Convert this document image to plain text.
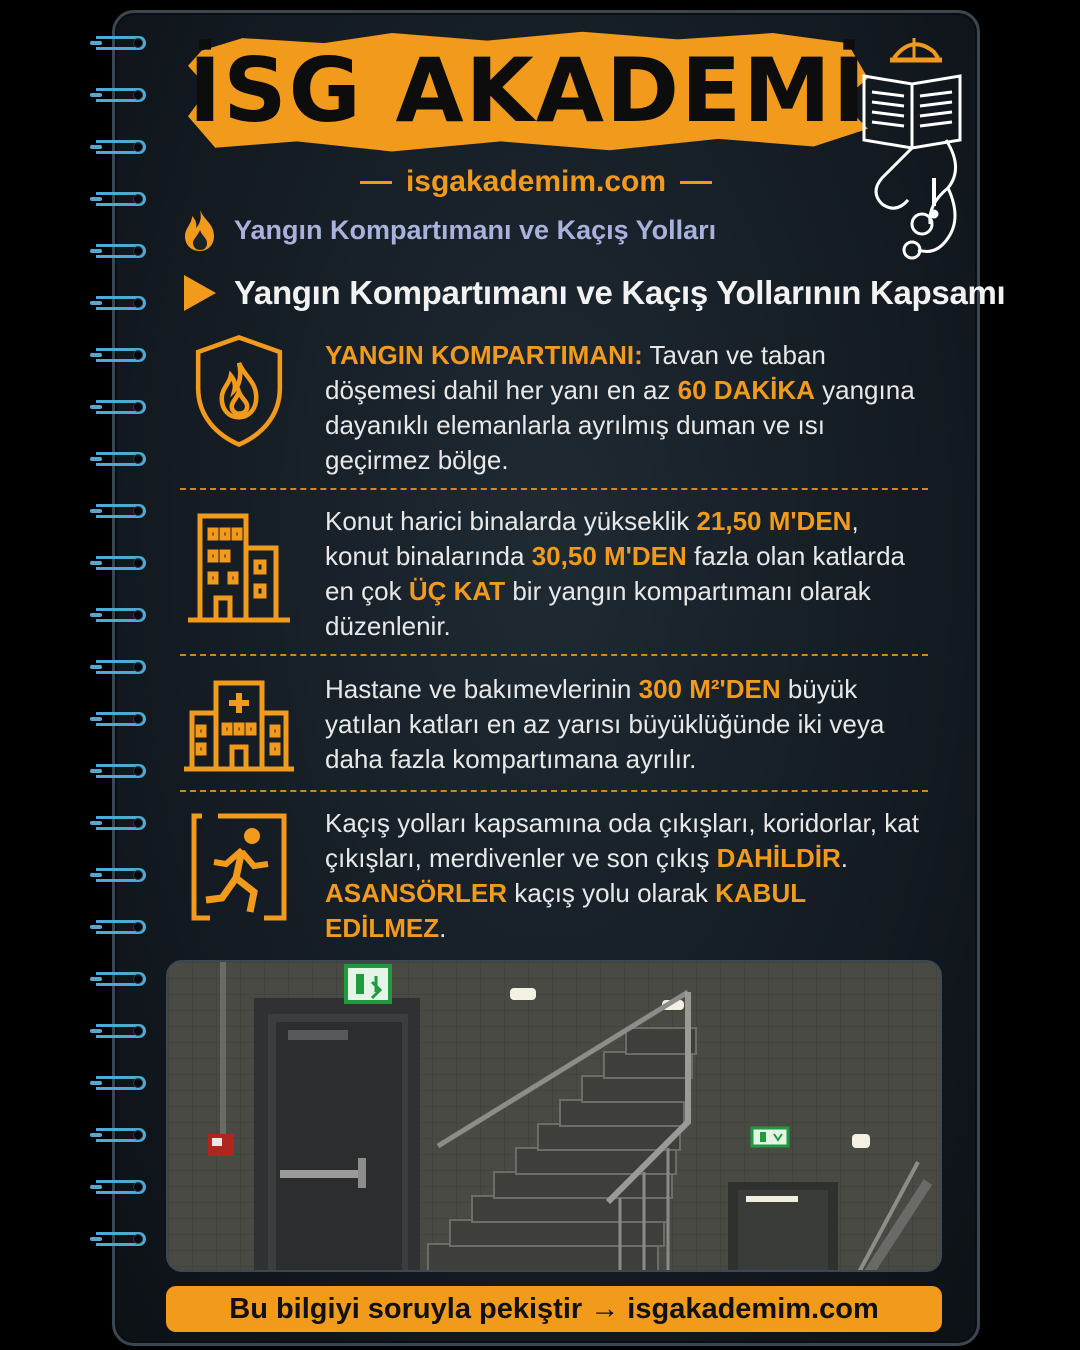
İSG AKADEMİ
isgakademim.com
Yangın Kompartımanı ve Kaçış Yolları
Yangın Kompartımanı ve Kaçış Yollarının Kapsamı

YANGIN KOMPARTIMANI: Tavan ve taban döşemesi dahil her yanı en az 60 DAKİKA yangına dayanıklı elemanlarla ayrılmış duman ve ısı geçirmez bölge.

Konut harici binalarda yükseklik 21,50 M'DEN, konut binalarında 30,50 M'DEN fazla olan katlarda en çok ÜÇ KAT bir yangın kompartımanı olarak düzenlenir.

Hastane ve bakımevlerinin 300 M²'DEN büyük yatılan katları en az yarısı büyüklüğünde iki veya daha fazla kompartımana ayrılır.

Kaçış yolları kapsamına oda çıkışları, koridorlar, kat çıkışları, merdivenler ve son çıkış DAHİLDİR. ASANSÖRLER kaçış yolu olarak KABUL EDİLMEZ.

Bu bilgiyi soruyla pekiştir → isgakademim.com
